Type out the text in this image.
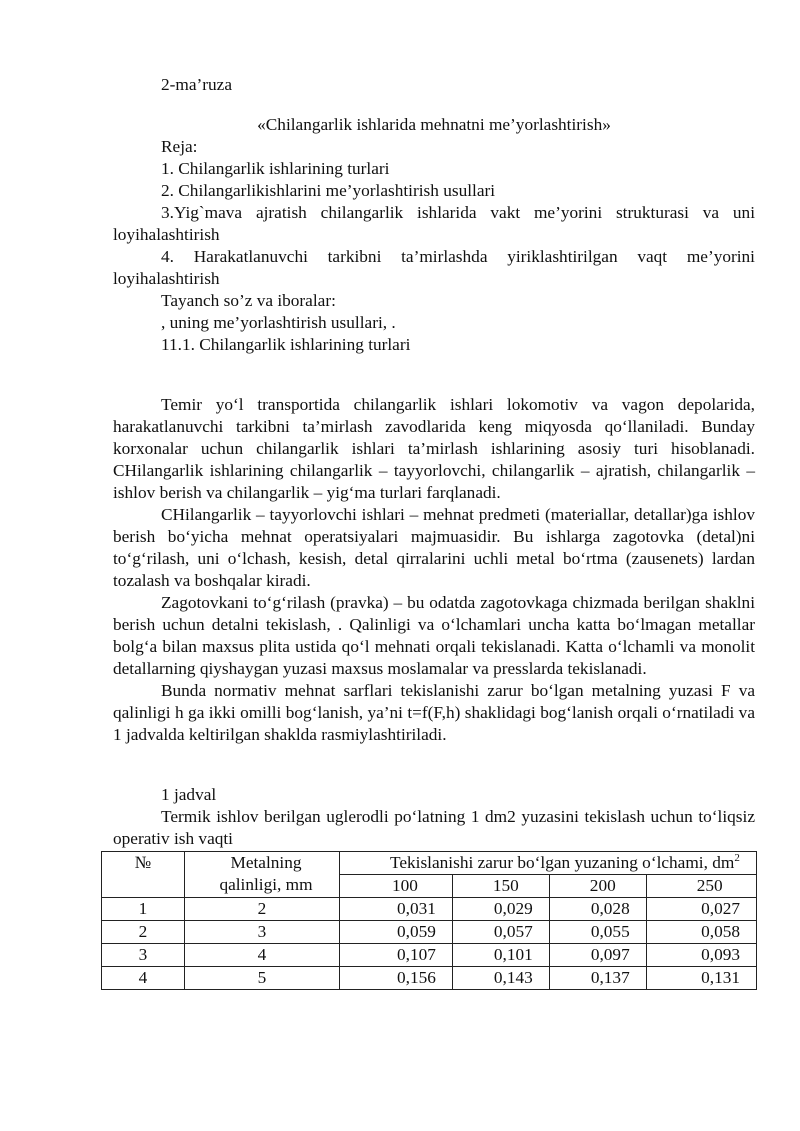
2-ma’ruza

«Chilangarlik ishlarida mehnatni me’yorlashtirish»

Reja:

1. Chilangarlik ishlarining turlari

2. Chilangarlikishlarini me’yorlashtirish usullari

3.Yig`mava ajratish chilangarlik ishlarida vakt me’yorini strukturasi va uni loyihalashtirish

4. Harakatlanuvchi tarkibni ta’mirlashda yiriklashtirilgan vaqt me’yorini loyihalashtirish

Tayanch so’z va iboralar:

, uning me’yorlashtirish usullari, .

11.1. Chilangarlik ishlarining turlari

Temir yo‘l transportida chilangarlik ishlari lokomotiv va vagon depolarida, harakatlanuvchi tarkibni ta’mirlash zavodlarida keng miqyosda qo‘llaniladi. Bunday korxonalar uchun chilangarlik ishlari ta’mirlash ishlarining asosiy turi hisoblanadi. CHilangarlik ishlarining chilangarlik – tayyorlovchi, chilangarlik – ajratish, chilangarlik – ishlov berish va chilangarlik – yig‘ma turlari farqlanadi.

CHilangarlik – tayyorlovchi ishlari – mehnat predmeti (materiallar, detallar)ga ishlov berish bo‘yicha mehnat operatsiyalari majmuasidir. Bu ishlarga zagotovka (detal)ni to‘g‘rilash, uni o‘lchash, kesish, detal qirralarini uchli metal bo‘rtma (zausenets) lardan tozalash va boshqalar kiradi.

Zagotovkani to‘g‘rilash (pravka) – bu odatda zagotovkaga chizmada berilgan shaklni berish uchun detalni tekislash, . Qalinligi va o‘lchamlari uncha katta bo‘lmagan metallar bolg‘a bilan maxsus plita ustida qo‘l mehnati orqali tekislanadi. Katta o‘lchamli va monolit detallarning qiyshaygan yuzasi maxsus moslamalar va presslarda tekislanadi.

Bunda normativ mehnat sarflari tekislanishi zarur bo‘lgan metalning yuzasi F va qalinligi h ga ikki omilli bog‘lanish, ya’ni t=f(F,h) shaklidagi bog‘lanish orqali o‘rnatiladi va 1 jadvalda keltirilgan shaklda rasmiylashtiriladi.

1 jadval

Termik ishlov berilgan uglerodli po‘latning 1 dm2 yuzasini tekislash uchun to‘liqsiz operativ ish vaqti

№	Metalning qalinligi, mm	Tekislanishi zarur bo‘lgan yuzaning o‘lchami, $dm^2$

		100	150	200	250
1	2	0,031	0,029	0,028	0,027
2	3	0,059	0,057	0,055	0,058
3	4	0,107	0,101	0,097	0,093
4	5	0,156	0,143	0,137	0,131
